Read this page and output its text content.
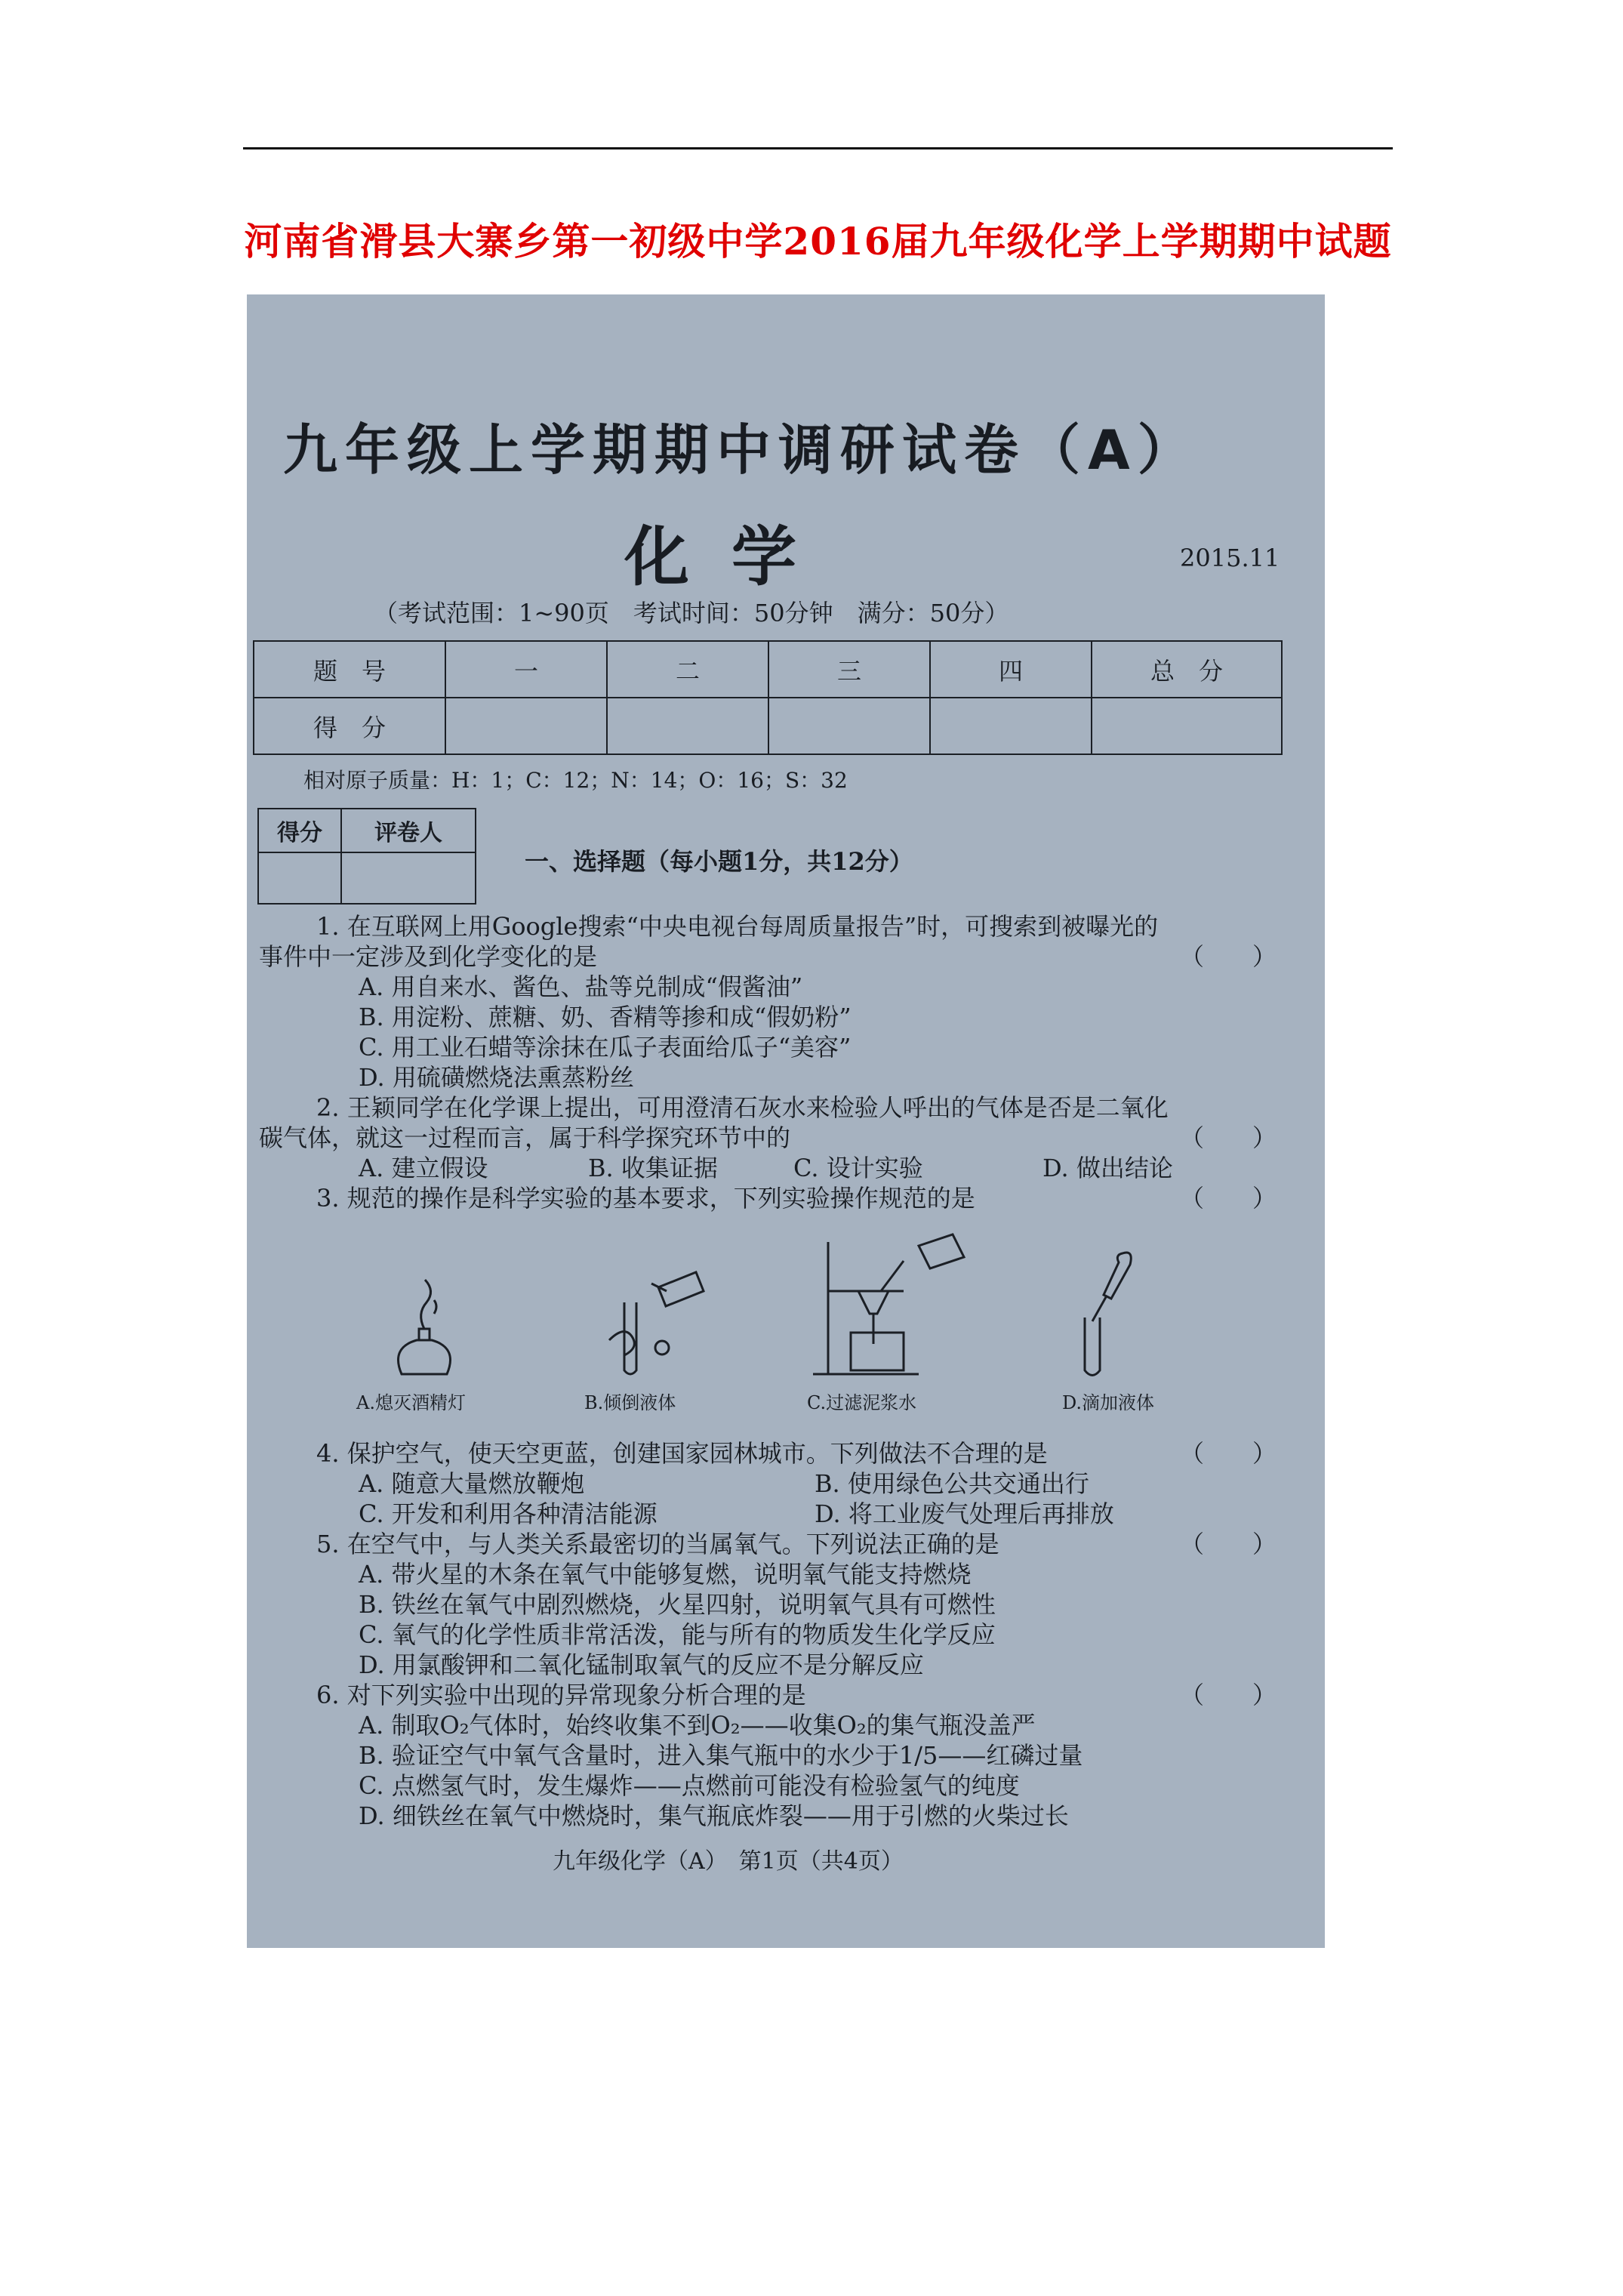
河南省滑县大寨乡第一初级中学2016届九年级化学上学期期中试题
九年级上学期期中调研试卷（A）
化学	2015.11
（考试范围：1~90页　考试时间：50分钟　满分：50分）
题　号	一	二	三	四	总　分
得　分					
相对原子质量：H：1；C：12；N：14；O：16；S：32
得分	评卷人

一、选择题（每小题1分，共12分）
1. 在互联网上用Google搜索“中央电视台每周质量报告”时，可搜索到被曝光的
事件中一定涉及到化学变化的是	（　　）
A. 用自来水、酱色、盐等兑制成“假酱油”
B. 用淀粉、蔗糖、奶、香精等掺和成“假奶粉”
C. 用工业石蜡等涂抹在瓜子表面给瓜子“美容”
D. 用硫磺燃烧法熏蒸粉丝
2. 王颖同学在化学课上提出，可用澄清石灰水来检验人呼出的气体是否是二氧化
碳气体，就这一过程而言，属于科学探究环节中的	（　　）
A. 建立假设	B. 收集证据	C. 设计实验	D. 做出结论
3. 规范的操作是科学实验的基本要求，下列实验操作规范的是	（　　）
A.熄灭酒精灯	B.倾倒液体	C.过滤泥浆水	D.滴加液体
4. 保护空气，使天空更蓝，创建国家园林城市。下列做法不合理的是	（　　）
A. 随意大量燃放鞭炮	B. 使用绿色公共交通出行
C. 开发和利用各种清洁能源	D. 将工业废气处理后再排放
5. 在空气中，与人类关系最密切的当属氧气。下列说法正确的是	（　　）
A. 带火星的木条在氧气中能够复燃，说明氧气能支持燃烧
B. 铁丝在氧气中剧烈燃烧，火星四射，说明氧气具有可燃性
C. 氧气的化学性质非常活泼，能与所有的物质发生化学反应
D. 用氯酸钾和二氧化锰制取氧气的反应不是分解反应
6. 对下列实验中出现的异常现象分析合理的是	（　　）
A. 制取O₂气体时，始终收集不到O₂——收集O₂的集气瓶没盖严
B. 验证空气中氧气含量时，进入集气瓶中的水少于1/5——红磷过量
C. 点燃氢气时，发生爆炸——点燃前可能没有检验氢气的纯度
D. 细铁丝在氧气中燃烧时，集气瓶底炸裂——用于引燃的火柴过长
九年级化学（A）　第1页（共4页）
